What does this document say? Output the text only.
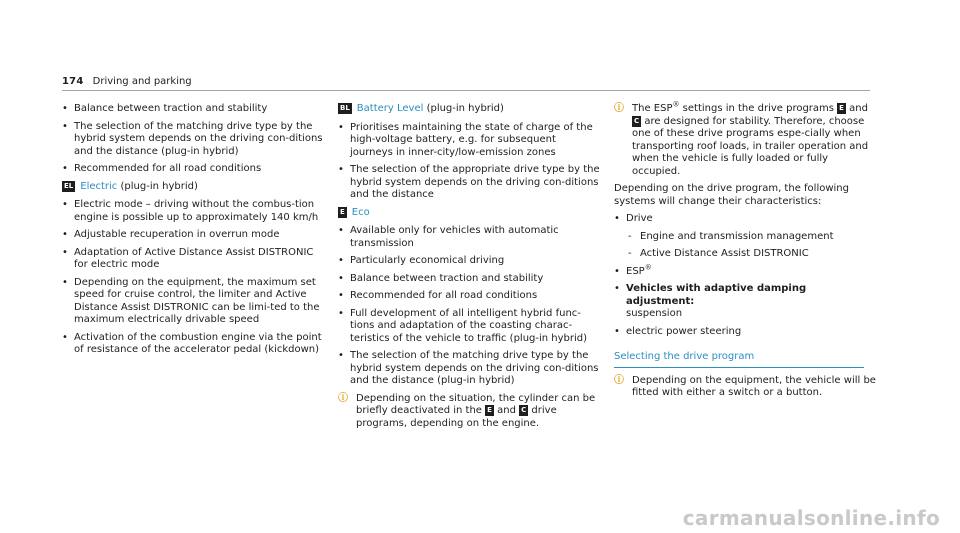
174 Driving and parking
• Balance between traction and stability
• The selection of the matching drive type by the hybrid system depends on the driving con-ditions and the distance (plug-in hybrid)
• Recommended for all road conditions
EL Electric (plug-in hybrid)
• Electric mode – driving without the combus-tion engine is possible up to approximately 140 km/h
• Adjustable recuperation in overrun mode
• Adaptation of Active Distance Assist DISTRONIC for electric mode
• Depending on the equipment, the maximum set speed for cruise control, the limiter and Active Distance Assist DISTRONIC can be limi-ted to the maximum electrically drivable speed
• Activation of the combustion engine via the point of resistance of the accelerator pedal (kickdown)
BL Battery Level (plug-in hybrid)
• Prioritises maintaining the state of charge of the high-voltage battery, e.g. for subsequent journeys in inner-city/low-emission zones
• The selection of the appropriate drive type by the hybrid system depends on the driving con-ditions and the distance
E Eco
• Available only for vehicles with automatic transmission
• Particularly economical driving
• Balance between traction and stability
• Recommended for all road conditions
• Full development of all intelligent hybrid func-tions and adaptation of the coasting charac-teristics of the vehicle to traffic (plug-in hybrid)
• The selection of the matching drive type by the hybrid system depends on the driving con-ditions and the distance (plug-in hybrid)
ⓘ Depending on the situation, the cylinder can be briefly deactivated in the E and C drive programs, depending on the engine.
ⓘ The ESP® settings in the drive programs E and C are designed for stability. Therefore, choose one of these drive programs espe-cially when transporting roof loads, in trailer operation and when the vehicle is fully loaded or fully occupied.
Depending on the drive program, the following systems will change their characteristics:
• Drive
- Engine and transmission management
- Active Distance Assist DISTRONIC
• ESP®
• Vehicles with adaptive damping adjustment:
suspension
• electric power steering
Selecting the drive program
ⓘ Depending on the equipment, the vehicle will be fitted with either a switch or a button.
carmanualsonline.info
